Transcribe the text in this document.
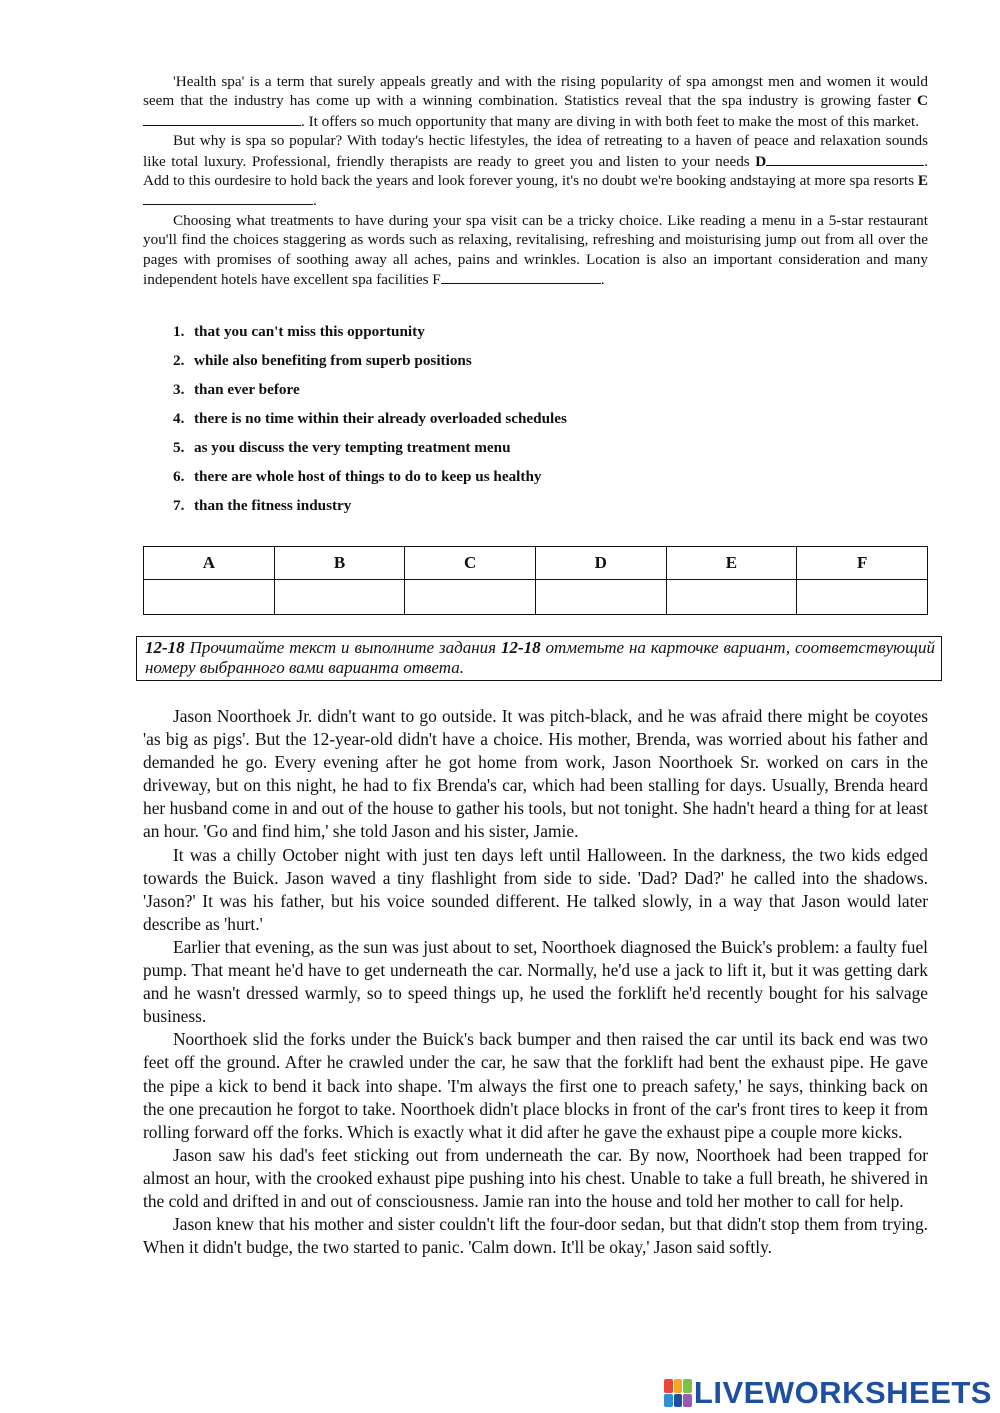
'Health spa' is a term that surely appeals greatly and with the rising popularity of spa amongst men and women it would seem that the industry has come up with a winning combination. Statistics reveal that the spa industry is growing faster C. It offers so much opportunity that many are diving in with both feet to make the most of this market.

But why is spa so popular? With today's hectic lifestyles, the idea of retreating to a haven of peace and relaxation sounds like total luxury. Professional, friendly therapists are ready to greet you and listen to your needs D	. Add to this ourdesire to hold back the years and look forever young, it's no doubt we're booking andstaying at more spa resorts E.

Choosing what treatments to have during your spa visit can be a tricky choice. Like reading a menu in a 5-star restaurant you'll find the choices staggering as words such as relaxing, revitalising, refreshing and moisturising jump out from all over the pages with promises of soothing away all aches, pains and wrinkles. Location is also an important consideration and many independent hotels have excellent spa facilities F	.

1. that you can't miss this opportunity
2. while also benefiting from superb positions
3. than ever before
4. there is no time within their already overloaded schedules
5. as you discuss the very tempting treatment menu
6. there are whole host of things to do to keep us healthy
7. than the fitness industry
A	B	C	D	E	F

12-18 Прочитайте текст и выполните задания 12-18 отметьте на карточке вариант, соответствующий номеру выбранного вами варианта ответа.

Jason Noorthoek Jr. didn't want to go outside. It was pitch-black, and he was afraid there might be coyotes 'as big as pigs'. But the 12-year-old didn't have a choice. His mother, Brenda, was worried about his father and demanded he go. Every evening after he got home from work, Jason Noorthoek Sr. worked on cars in the driveway, but on this night, he had to fix Brenda's car, which had been stalling for days. Usually, Brenda heard her husband come in and out of the house to gather his tools, but not tonight. She hadn't heard a thing for at least an hour. 'Go and find him,' she told Jason and his sister, Jamie.

It was a chilly October night with just ten days left until Halloween. In the darkness, the two kids edged towards the Buick. Jason waved a tiny flashlight from side to side. 'Dad? Dad?' he called into the shadows. 'Jason?' It was his father, but his voice sounded different. He talked slowly, in a way that Jason would later describe as 'hurt.'

Earlier that evening, as the sun was just about to set, Noorthoek diagnosed the Buick's problem: a faulty fuel pump. That meant he'd have to get underneath the car. Normally, he'd use a jack to lift it, but it was getting dark and he wasn't dressed warmly, so to speed things up, he used the forklift he'd recently bought for his salvage business.

Noorthoek slid the forks under the Buick's back bumper and then raised the car until its back end was two feet off the ground. After he crawled under the car, he saw that the forklift had bent the exhaust pipe. He gave the pipe a kick to bend it back into shape. 'I'm always the first one to preach safety,' he says, thinking back on the one precaution he forgot to take. Noorthoek didn't place blocks in front of the car's front tires to keep it from rolling forward off the forks. Which is exactly what it did after he gave the exhaust pipe a couple more kicks.

Jason saw his dad's feet sticking out from underneath the car. By now, Noorthoek had been trapped for almost an hour, with the crooked exhaust pipe pushing into his chest. Unable to take a full breath, he shivered in the cold and drifted in and out of consciousness. Jamie ran into the house and told her mother to call for help.

Jason knew that his mother and sister couldn't lift the four-door sedan, but that didn't stop them from trying. When it didn't budge, the two started to panic. 'Calm down. It'll be okay,' Jason said softly.

LIVEWORKSHEETS
